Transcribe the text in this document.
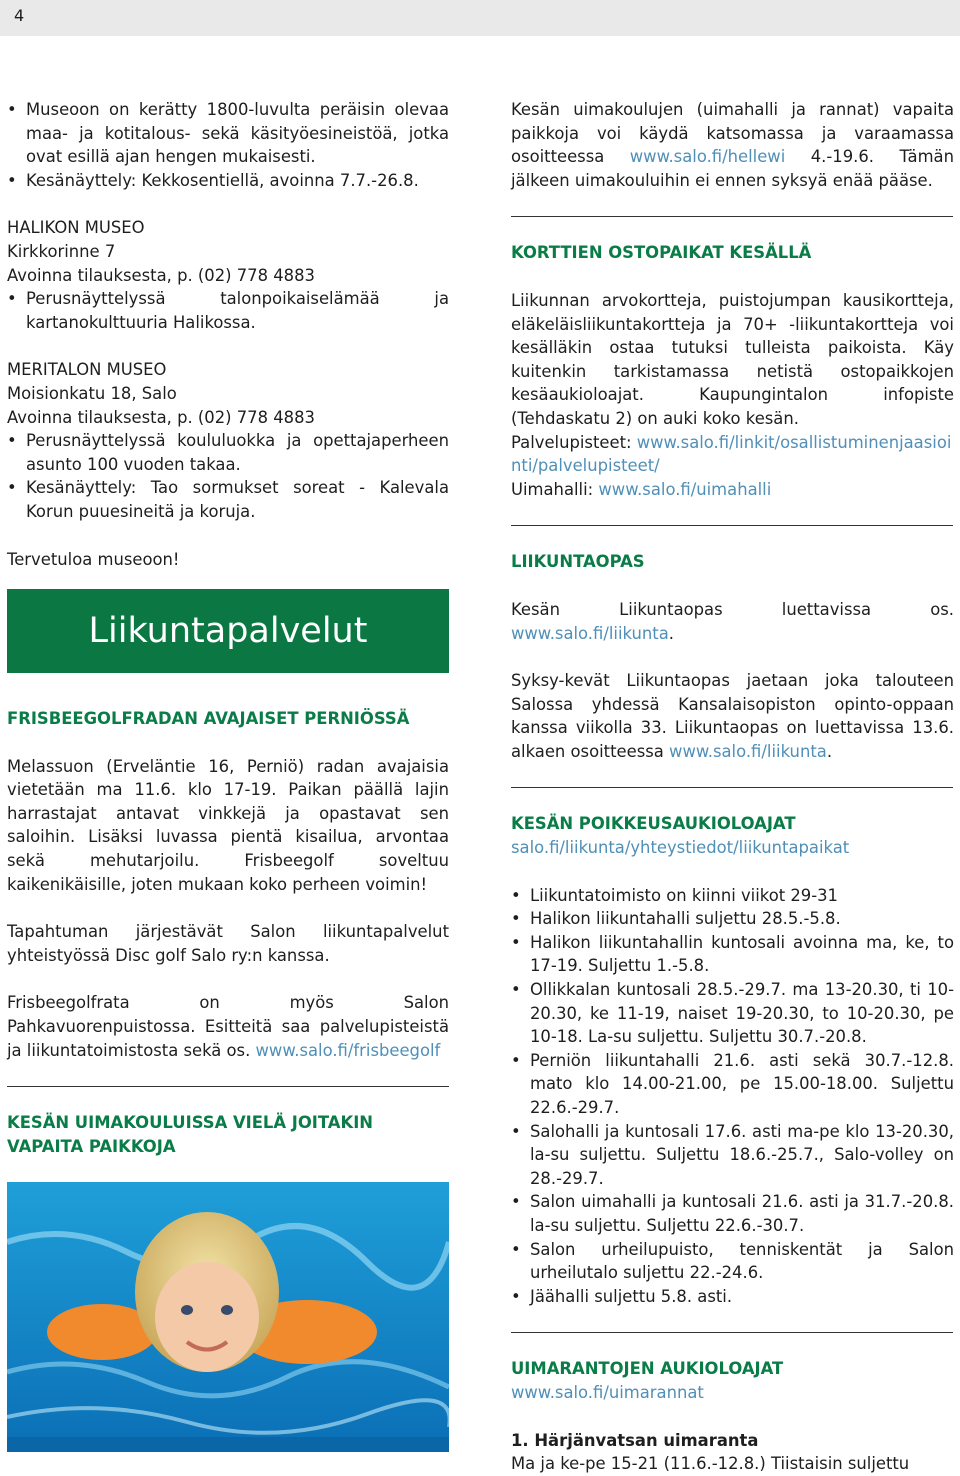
4
• Museoon on kerätty 1800-luvulta peräisin olevaa maa- ja kotitalous- sekä käsityöesineistöä, jotka ovat esillä ajan hengen mukaisesti.
• Kesänäyttely: Kekkosentiellä, avoinna 7.7.-26.8.

HALIKON MUSEO

Kirkkorinne 7

Avoinna tilauksesta, p. (02) 778 4883

• Perusnäyttelyssä talonpoikaiselämää ja kartanokulttuuria Halikossa.

MERITALON MUSEO

Moisionkatu 18, Salo

Avoinna tilauksesta, p. (02) 778 4883

• Perusnäyttelyssä koululuokka ja opettajaperheen asunto 100 vuoden takaa.
• Kesänäyttely: Tao sormukset soreat - Kalevala Korun puuesineitä ja koruja.

Tervetuloa museoon!

Liikuntapalvelut

FRISBEEGOLFRADAN AVAJAISET PERNIÖSSÄ

Melassuon (Erveläntie 16, Perniö) radan avajaisia vietetään ma 11.6. klo 17-19. Paikan päällä lajin harrastajat antavat vinkkejä ja opastavat sen saloihin. Lisäksi luvassa pientä kisailua, arvontaa sekä mehutarjoilu. Frisbeegolf soveltuu kaikenikäisille, joten mukaan koko perheen voimin!

Tapahtuman järjestävät Salon liikuntapalvelut yhteistyössä Disc golf Salo ry:n kanssa.

Frisbeegolfrata on myös Salon Pahkavuorenpuistossa. Esitteitä saa palvelupisteistä ja liikuntatoimistosta sekä os. www.salo.fi/frisbeegolf

KESÄN UIMAKOULUISSA VIELÄ JOITAKIN VAPAITA PAIKKOJA

Kesän uimakoulujen (uimahalli ja rannat) vapaita paikkoja voi käydä katsomassa ja varaamassa osoitteessa www.salo.fi/hellewi 4.-19.6. Tämän jälkeen uimakouluihin ei ennen syksyä enää pääse.

KORTTIEN OSTOPAIKAT KESÄLLÄ

Liikunnan arvokortteja, puistojumpan kausikortteja, eläkeläisliikuntakortteja ja 70+ -liikuntakortteja voi kesälläkin ostaa tutuksi tulleista paikoista. Käy kuitenkin tarkistamassa netistä ostopaikkojen kesäaukioloajat. Kaupungintalon infopiste (Tehdaskatu 2) on auki koko kesän.

Palvelupisteet: www.salo.fi/linkit/osallistuminenjaasiointi/palvelupisteet/

Uimahalli: www.salo.fi/uimahalli

LIIKUNTAOPAS

Kesän Liikuntaopas luettavissa os. www.salo.fi/liikunta.

Syksy-kevät Liikuntaopas jaetaan joka talouteen Salossa yhdessä Kansalaisopiston opinto-oppaan kanssa viikolla 33. Liikuntaopas on luettavissa 13.6. alkaen osoitteessa www.salo.fi/liikunta.

KESÄN POIKKEUSAUKIOLOAJAT

salo.fi/liikunta/yhteystiedot/liikuntapaikat

• Liikuntatoimisto on kiinni viikot 29-31
• Halikon liikuntahalli suljettu 28.5.-5.8.
• Halikon liikuntahallin kuntosali avoinna ma, ke, to 17-19. Suljettu 1.-5.8.
• Ollikkalan kuntosali 28.5.-29.7. ma 13-20.30, ti 10-20.30, ke 11-19, naiset 19-20.30, to 10-20.30, pe 10-18. La-su suljettu. Suljettu 30.7.-20.8.
• Perniön liikuntahalli 21.6. asti sekä 30.7.-12.8. mato klo 14.00-21.00, pe 15.00-18.00. Suljettu 22.6.-29.7.
• Salohalli ja kuntosali 17.6. asti ma-pe klo 13-20.30, la-su suljettu. Suljettu 18.6.-25.7., Salo-volley on 28.-29.7.
• Salon uimahalli ja kuntosali 21.6. asti ja 31.7.-20.8. la-su suljettu. Suljettu 22.6.-30.7.
• Salon urheilupuisto, tenniskentät ja Salon urheilutalo suljettu 22.-24.6.
• Jäähalli suljettu 5.8. asti.

UIMARANTOJEN AUKIOLOAJAT

www.salo.fi/uimarannat

1. Härjänvatsan uimaranta

Ma ja ke-pe 15-21 (11.6.-12.8.) Tiistaisin suljettu
